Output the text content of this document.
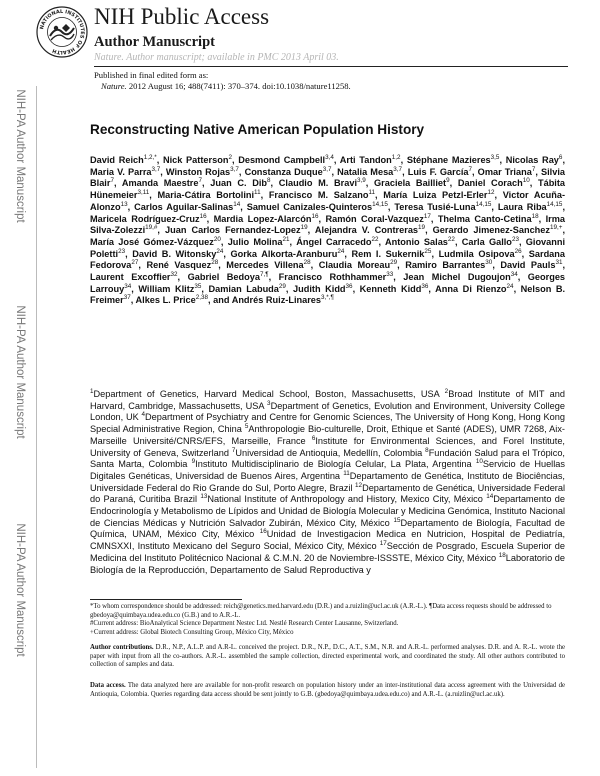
NATIONAL INSTITUTES OF HEALTH
NIH Public Access
Author Manuscript
Nature. Author manuscript; available in PMC 2013 April 03.
Published in final edited form as:
Nature. 2012 August 16; 488(7411): 370–374. doi:10.1038/nature11258.
NIH-PA Author Manuscript
NIH-PA Author Manuscript
NIH-PA Author Manuscript
Reconstructing Native American Population History
David Reich$^{1,2,*}$, Nick Patterson$^2$, Desmond Campbell$^{3,4}$, Arti Tandon$^{1,2}$, Stéphane Mazieres$^{3,5}$, Nicolas Ray$^6$, Maria V. Parra$^{3,7}$, Winston Rojas$^{3,7}$, Constanza Duque$^{3,7}$, Natalia Mesa$^{3,7}$, Luis F. García$^7$, Omar Triana$^7$, Silvia Blair$^7$, Amanda Maestre$^7$, Juan C. Dib$^8$, Claudio M. Bravi$^{3,9}$, Graciela Bailliet$^9$, Daniel Corach$^{10}$, Tábita Hünemeier$^{3,11}$, Maria-Cátira Bortolini$^{11}$, Francisco M. Salzano$^{11}$, María Luiza Petzl-Erler$^{12}$, Victor Acuña-Alonzo$^{13}$, Carlos Aguilar-Salinas$^{14}$, Samuel Canizales-Quinteros$^{14,15}$, Teresa Tusié-Luna$^{14,15}$, Laura Riba$^{14,15}$, Maricela Rodríguez-Cruz$^{16}$, Mardia Lopez-Alarcón$^{16}$, Ramón Coral-Vazquez$^{17}$, Thelma Canto-Cetina$^{18}$, Irma Silva-Zolezzi$^{19,\#}$, Juan Carlos Fernandez-Lopez$^{19}$, Alejandra V. Contreras$^{19}$, Gerardo Jimenez-Sanchez$^{19,+}$, María José Gómez-Vázquez$^{20}$, Julio Molina$^{21}$, Ángel Carracedo$^{22}$, Antonio Salas$^{22}$, Carla Gallo$^{23}$, Giovanni Poletti$^{23}$, David B. Witonsky$^{24}$, Gorka Alkorta-Aranburu$^{24}$, Rem I. Sukernik$^{25}$, Ludmila Osipova$^{26}$, Sardana Fedorova$^{27}$, René Vasquez$^{28}$, Mercedes Villena$^{28}$, Claudia Moreau$^{29}$, Ramiro Barrantes$^{30}$, David Pauls$^{31}$, Laurent Excoffier$^{32}$, Gabriel Bedoya$^{7,\P}$, Francisco Rothhammer$^{33}$, Jean Michel Dugoujon$^{34}$, Georges Larrouy$^{34}$, William Klitz$^{35}$, Damian Labuda$^{29}$, Judith Kidd$^{36}$, Kenneth Kidd$^{36}$, Anna Di Rienzo$^{24}$, Nelson B. Freimer$^{37}$, Alkes L. Price$^{2,38}$, and Andrés Ruiz-Linares$^{3,*,\P}$
$^1$Department of Genetics, Harvard Medical School, Boston, Massachusetts, USA $^2$Broad Institute of MIT and Harvard, Cambridge, Massachusetts, USA $^3$Department of Genetics, Evolution and Environment, University College London, UK $^4$Department of Psychiatry and Centre for Genomic Sciences, The University of Hong Kong, Hong Kong Special Administrative Region, China $^5$Anthropologie Bio-culturelle, Droit, Ethique et Santé (ADES), UMR 7268, Aix-Marseille Université/CNRS/EFS, Marseille, France $^6$Institute for Environmental Sciences, and Forel Institute, University of Geneva, Switzerland $^7$Universidad de Antioquia, Medellín, Colombia $^8$Fundación Salud para el Trópico, Santa Marta, Colombia $^9$Instituto Multidisciplinario de Biología Celular, La Plata, Argentina $^{10}$Servicio de Huellas Digitales Genéticas, Universidad de Buenos Aires, Argentina $^{11}$Departamento de Genética, Instituto de Biociências, Universidade Federal do Rio Grande do Sul, Porto Alegre, Brazil $^{12}$Departamento de Genética, Universidade Federal do Paraná, Curitiba Brazil $^{13}$National Institute of Anthropology and History, Mexico City, México $^{14}$Departamento de Endocrinología y Metabolismo de Lípidos and Unidad de Biología Molecular y Medicina Genómica, Instituto Nacional de Ciencias Médicas y Nutrición Salvador Zubirán, México City, México $^{15}$Departamento de Biología, Facultad de Química, UNAM, México City, México $^{16}$Unidad de Investigacion Medica en Nutricion, Hospital de Pediatría, CMNSXXI, Instituto Mexicano del Seguro Social, México City, México $^{17}$Sección de Posgrado, Escuela Superior de Medicina del Instituto Politécnico Nacional & C.M.N. 20 de Noviembre-ISSSTE, México City, México $^{18}$Laboratorio de Biología de la Reproducción, Departamento de Salud Reproductiva y

*To whom correspondence should be addressed: reich@genetics.med.harvard.edu (D.R.) and a.ruizlin@ucl.ac.uk (A.R.-L.). ¶Data access requests should be addressed to gbedoya@quimbaya.udea.edu.co (G.B.) and to A.R.-L.

#Current address: BioAnalytical Science Department Nestec Ltd. Nestlé Research Center Lausanne, Switzerland.

+Current address: Global Biotech Consulting Group, México City, México

Author contributions. D.R., N.P., A.L.P. and A.R-L. conceived the project. D.R., N.P., D.C., A.T., S.M., N.R. and A.R.-L. performed analyses. D.R. and A. R.-L. wrote the paper with input from all the co-authors. A.R.-L. assembled the sample collection, directed experimental work, and coordinated the study. All other authors contributed to collection of samples and data.
Data access. The data analyzed here are available for non-profit research on population history under an inter-institutional data access agreement with the Universidad de Antioquia, Colombia. Queries regarding data access should be sent jointly to G.B. (gbedoya@quimbaya.udea.edu.co) and A.R.-L. (a.ruizlin@ucl.ac.uk).
